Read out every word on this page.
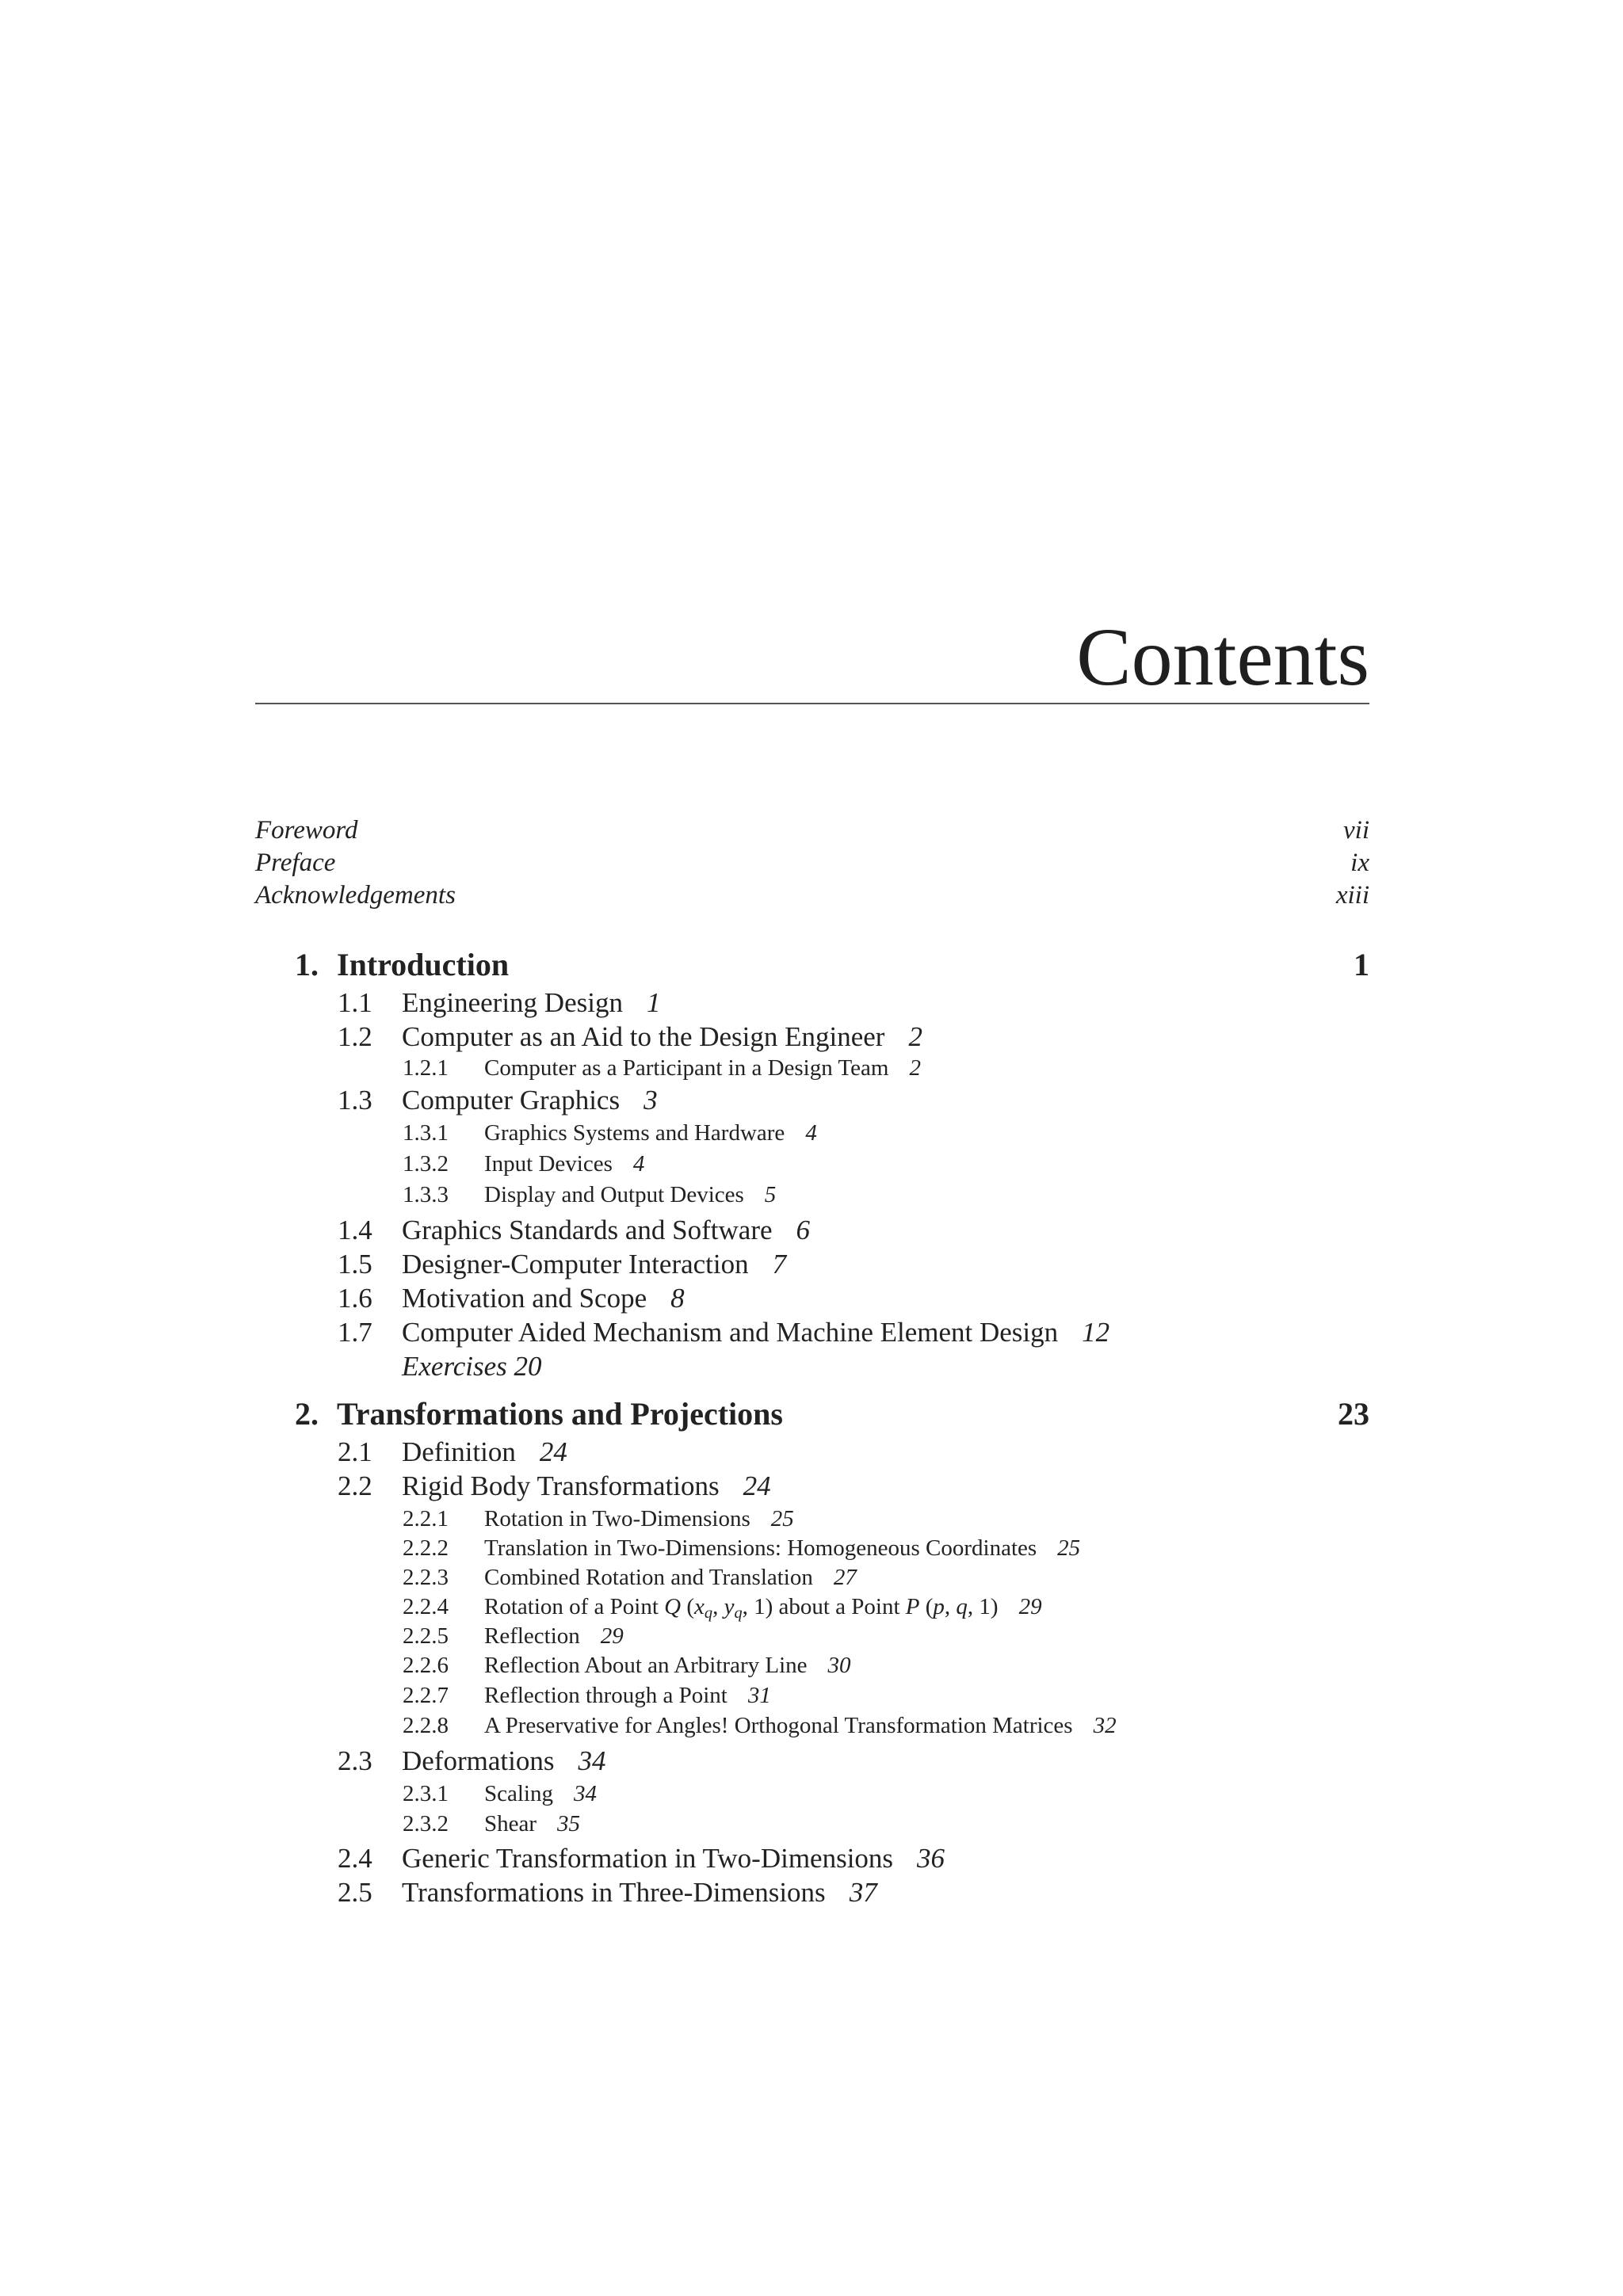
Contents
Foreword	vii
Preface	ix
Acknowledgements	xiii
1. Introduction	1
1.1 Engineering Design 1
1.2 Computer as an Aid to the Design Engineer 2
1.2.1 Computer as a Participant in a Design Team 2
1.3 Computer Graphics 3
1.3.1 Graphics Systems and Hardware 4
1.3.2 Input Devices 4
1.3.3 Display and Output Devices 5
1.4 Graphics Standards and Software 6
1.5 Designer-Computer Interaction 7
1.6 Motivation and Scope 8
1.7 Computer Aided Mechanism and Machine Element Design 12
Exercises 20
2. Transformations and Projections	23
2.1 Definition 24
2.2 Rigid Body Transformations 24
2.2.1 Rotation in Two-Dimensions 25
2.2.2 Translation in Two-Dimensions: Homogeneous Coordinates 25
2.2.3 Combined Rotation and Translation 27
2.2.4 Rotation of a Point Q ($x_q$, $y_q$, 1) about a Point P (p, q, 1) 29
2.2.5 Reflection 29
2.2.6 Reflection About an Arbitrary Line 30
2.2.7 Reflection through a Point 31
2.2.8 A Preservative for Angles! Orthogonal Transformation Matrices 32
2.3 Deformations 34
2.3.1 Scaling 34
2.3.2 Shear 35
2.4 Generic Transformation in Two-Dimensions 36
2.5 Transformations in Three-Dimensions 37
